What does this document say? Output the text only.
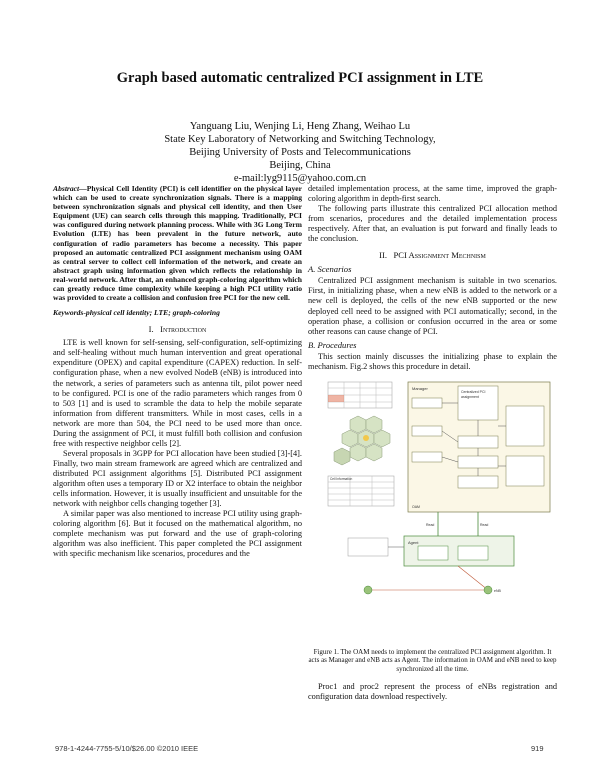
Graph based automatic centralized PCI assignment in LTE
Yanguang Liu, Wenjing Li, Heng Zhang, Weihao Lu
State Key Laboratory of Networking and Switching Technology,
Beijing University of Posts and Telecommunications
Beijing, China
e-mail:lyg9115@yahoo.com.cn

Abstract—Physical Cell Identity (PCI) is cell identifier on the physical layer which can be used to create synchronization signals. There is a mapping between synchronization signals and physical cell identity, and then User Equipment (UE) can search cells through this mapping. Traditionally, PCI was configured during network planning process. While with 3G Long Term Evolution (LTE) has been prevalent in the future network, auto configuration of radio parameters has become a necessity. This paper proposed an automatic centralized PCI assignment mechanism using OAM as central server to collect cell information of the network, and create an abstract graph using information given which reflects the relationship in real-world network. After that, an enhanced graph-coloring algorithm which can greatly reduce time complexity while keeping a high PCI utility ratio was provided to create a collision and confusion free PCI for the new cell.

Keywords-physical cell identity; LTE; graph-coloring

I. Introduction

LTE is well known for self-sensing, self-configuration, self-optimizing and self-healing without much human intervention and great operational expenditure (OPEX) and capital expenditure (CAPEX) reduction. In self-configuration phase, when a new evolved NodeB (eNB) is introduced into the network, a series of parameters such as antenna tilt, pilot power need to be configured. PCI is one of the radio parameters which ranges from 0 to 503 [1] and is used to scramble the data to help the mobile separate information from different transmitters. While in most cases, cells in a network are more than 504, the PCI need to be used more than once. During the assignment of PCI, it must fulfill both collision and confusion free with respective neighbor cells [2].

Several proposals in 3GPP for PCI allocation have been studied [3]-[4]. Finally, two main stream framework are agreed which are centralized and distributed PCI assignment algorithms [5]. Distributed PCI assignment algorithm often uses a temporary ID or X2 interface to obtain the neighbor cells information. However, it is usually insufficient and unsuitable for the network with neighbor cells changing together [3].

A similar paper was also mentioned to increase PCI utility using graph-coloring algorithm [6]. But it focused on the mathematical algorithm, no complete mechanism was put forward and the use of graph-coloring algorithm was also inefficient. This paper completed the PCI assignment with specific mechanism like scenarios, procedures and the

detailed implementation process, at the same time, improved the graph-coloring algorithm in depth-first search.

The following parts illustrate this centralized PCI allocation method from scenarios, procedures and the detailed implementation process respectively. After that, an evaluation is put forward and finally leads to the conclusion.

II. PCI Assignment Mechnism

A. Scenarios

Centralized PCI assignment mechanism is suitable in two scenarios. First, in initializing phase, when a new eNB is added to the network or a new cell is deployed, the cells of the new eNB supported or the new deployed cell need to be assigned with PCI automatically; second, in the operation phase, a collision or confusion occurred in the area or some other reasons can cause change of PCI.

B. Procedures

This section mainly discusses the initializing phase to explain the mechanism. Fig.2 shows this procedure in detail.

Cell Information
Manager
Centralized PCI
assignment
OAM
Read	Read
Agent
eNB

Figure 1. The OAM needs to implement the centralized PCI assignment algorithm. It acts as Manager and eNB acts as Agent. The information in OAM and eNB need to keep synchronized all the time.

Proc1 and proc2 represent the process of eNBs registration and configuration data download respectively.

978-1-4244-7755-5/10/$26.00 ©2010 IEEE	919
